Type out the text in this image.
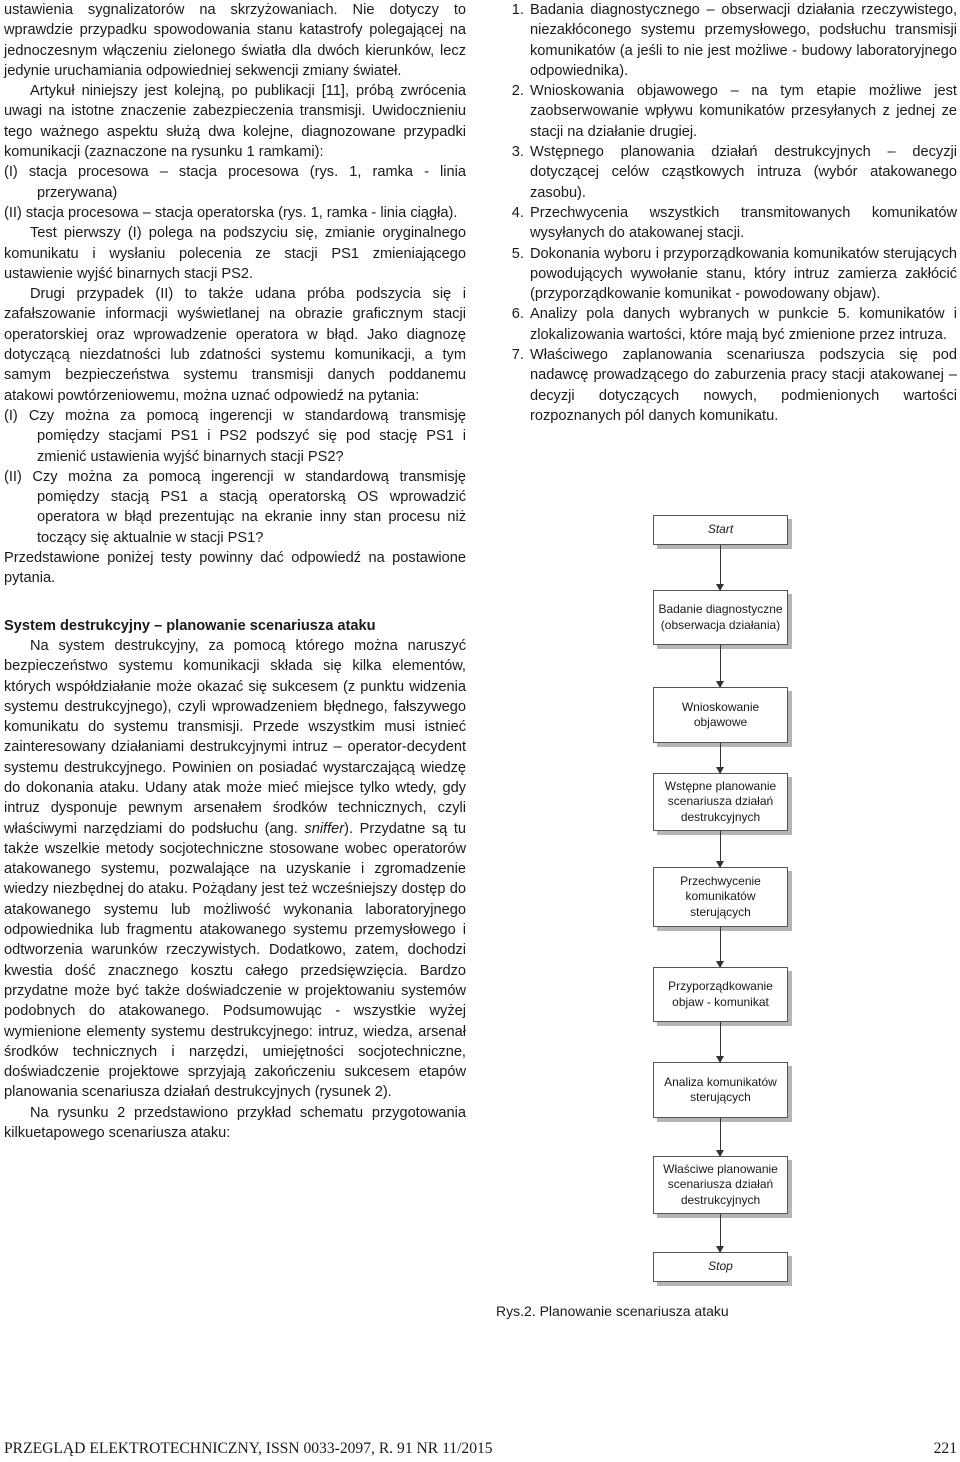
ustawienia sygnalizatorów na skrzyżowaniach. Nie dotyczy to wprawdzie przypadku spowodowania stanu katastrofy polegającej na jednoczesnym włączeniu zielonego światła dla dwóch kierunków, lecz jedynie uruchamiania odpowiedniej sekwencji zmiany świateł.

Artykuł niniejszy jest kolejną, po publikacji [11], próbą zwrócenia uwagi na istotne znaczenie zabezpieczenia transmisji. Uwidocznieniu tego ważnego aspektu służą dwa kolejne, diagnozowane przypadki komunikacji (zaznaczone na rysunku 1 ramkami):

(I) stacja procesowa – stacja procesowa (rys. 1, ramka - linia przerywana)

(II) stacja procesowa – stacja operatorska (rys. 1, ramka - linia ciągła).

Test pierwszy (I) polega na podszyciu się, zmianie oryginalnego komunikatu i wysłaniu polecenia ze stacji PS1 zmieniającego ustawienie wyjść binarnych stacji PS2.

Drugi przypadek (II) to także udana próba podszycia się i zafałszowanie informacji wyświetlanej na obrazie graficznym stacji operatorskiej oraz wprowadzenie operatora w błąd. Jako diagnozę dotyczącą niezdatności lub zdatności systemu komunikacji, a tym samym bezpieczeństwa systemu transmisji danych poddanemu atakowi powtórzeniowemu, można uznać odpowiedź na pytania:

(I) Czy można za pomocą ingerencji w standardową transmisję pomiędzy stacjami PS1 i PS2 podszyć się pod stację PS1 i zmienić ustawienia wyjść binarnych stacji PS2?

(II) Czy można za pomocą ingerencji w standardową transmisję pomiędzy stacją PS1 a stacją operatorską OS wprowadzić operatora w błąd prezentując na ekranie inny stan procesu niż toczący się aktualnie w stacji PS1?

Przedstawione poniżej testy powinny dać odpowiedź na postawione pytania.

System destrukcyjny – planowanie scenariusza ataku

Na system destrukcyjny, za pomocą którego można naruszyć bezpieczeństwo systemu komunikacji składa się kilka elementów, których współdziałanie może okazać się sukcesem (z punktu widzenia systemu destrukcyjnego), czyli wprowadzeniem błędnego, fałszywego komunikatu do systemu transmisji. Przede wszystkim musi istnieć zainteresowany działaniami destrukcyjnymi intruz – operator-decydent systemu destrukcyjnego. Powinien on posiadać wystarczającą wiedzę do dokonania ataku. Udany atak może mieć miejsce tylko wtedy, gdy intruz dysponuje pewnym arsenałem środków technicznych, czyli właściwymi narzędziami do podsłuchu (ang. sniffer). Przydatne są tu także wszelkie metody socjotechniczne stosowane wobec operatorów atakowanego systemu, pozwalające na uzyskanie i zgromadzenie wiedzy niezbędnej do ataku. Pożądany jest też wcześniejszy dostęp do atakowanego systemu lub możliwość wykonania laboratoryjnego odpowiednika lub fragmentu atakowanego systemu przemysłowego i odtworzenia warunków rzeczywistych. Dodatkowo, zatem, dochodzi kwestia dość znacznego kosztu całego przedsięwzięcia. Bardzo przydatne może być także doświadczenie w projektowaniu systemów podobnych do atakowanego. Podsumowując - wszystkie wyżej wymienione elementy systemu destrukcyjnego: intruz, wiedza, arsenał środków technicznych i narzędzi, umiejętności socjotechniczne, doświadczenie projektowe sprzyjają zakończeniu sukcesem etapów planowania scenariusza działań destrukcyjnych (rysunek 2).

Na rysunku 2 przedstawiono przykład schematu przygotowania kilkuetapowego scenariusza ataku:

1. Badania diagnostycznego – obserwacji działania rzeczywistego, niezakłóconego systemu przemysłowego, podsłuchu transmisji komunikatów (a jeśli to nie jest możliwe - budowy laboratoryjnego odpowiednika).
2. Wnioskowania objawowego – na tym etapie możliwe jest zaobserwowanie wpływu komunikatów przesyłanych z jednej ze stacji na działanie drugiej.
3. Wstępnego planowania działań destrukcyjnych – decyzji dotyczącej celów cząstkowych intruza (wybór atakowanego zasobu).
4. Przechwycenia wszystkich transmitowanych komunikatów wysyłanych do atakowanej stacji.
5. Dokonania wyboru i przyporządkowania komunikatów sterujących powodujących wywołanie stanu, który intruz zamierza zakłócić (przyporządkowanie komunikat - powodowany objaw).
6. Analizy pola danych wybranych w punkcie 5. komunikatów i zlokalizowania wartości, które mają być zmienione przez intruza.
7. Właściwego zaplanowania scenariusza podszycia się pod nadawcę prowadzącego do zaburzenia pracy stacji atakowanej – decyzji dotyczących nowych, podmienionych wartości rozpoznanych pól danych komunikatu.
Start
Badanie diagnostyczne (obserwacja działania)
Wnioskowanie objawowe
Wstępne planowanie scenariusza działań destrukcyjnych
Przechwycenie komunikatów sterujących
Przyporządkowanie objaw - komunikat
Analiza komunikatów sterujących
Właściwe planowanie scenariusza działań destrukcyjnych
Stop
Rys.2. Planowanie scenariusza ataku
PRZEGLĄD ELEKTROTECHNICZNY, ISSN 0033-2097, R. 91 NR 11/2015	221
